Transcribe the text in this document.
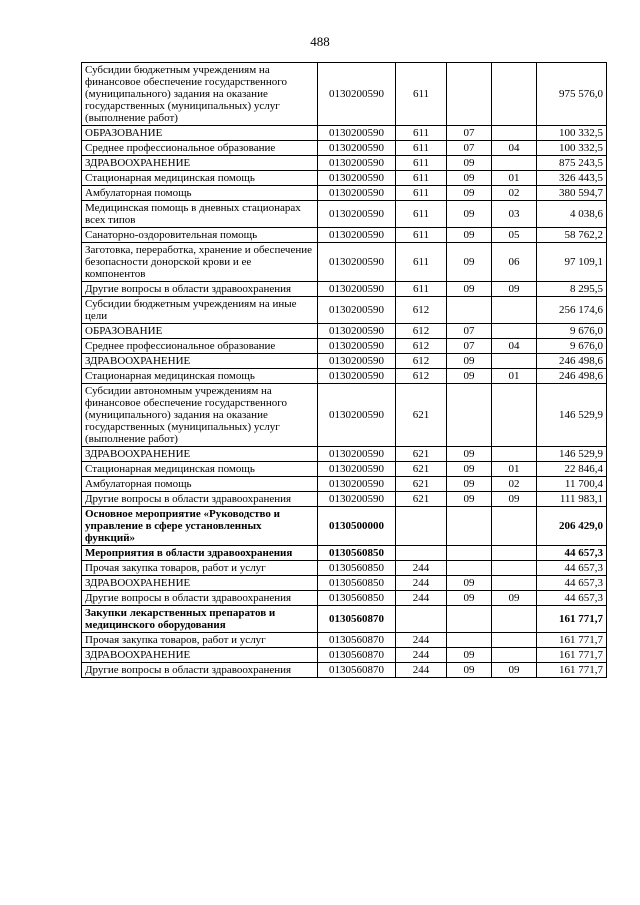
488
Субсидии бюджетным учреждениям на финансовое обеспечение государственного (муниципального) задания на оказание государственных (муниципальных) услуг (выполнение работ)	0130200590	611			975 576,0
ОБРАЗОВАНИЕ	0130200590	611	07		100 332,5
Среднее профессиональное образование	0130200590	611	07	04	100 332,5
ЗДРАВООХРАНЕНИЕ	0130200590	611	09		875 243,5
Стационарная медицинская помощь	0130200590	611	09	01	326 443,5
Амбулаторная помощь	0130200590	611	09	02	380 594,7
Медицинская помощь в дневных стационарах всех типов	0130200590	611	09	03	4 038,6
Санаторно-оздоровительная помощь	0130200590	611	09	05	58 762,2
Заготовка, переработка, хранение и обеспечение безопасности донорской крови и ее компонентов	0130200590	611	09	06	97 109,1
Другие вопросы в области здравоохранения	0130200590	611	09	09	8 295,5
Субсидии бюджетным учреждениям на иные цели	0130200590	612			256 174,6
ОБРАЗОВАНИЕ	0130200590	612	07		9 676,0
Среднее профессиональное образование	0130200590	612	07	04	9 676,0
ЗДРАВООХРАНЕНИЕ	0130200590	612	09		246 498,6
Стационарная медицинская помощь	0130200590	612	09	01	246 498,6
Субсидии автономным учреждениям на финансовое обеспечение государственного (муниципального) задания на оказание государственных (муниципальных) услуг (выполнение работ)	0130200590	621			146 529,9
ЗДРАВООХРАНЕНИЕ	0130200590	621	09		146 529,9
Стационарная медицинская помощь	0130200590	621	09	01	22 846,4
Амбулаторная помощь	0130200590	621	09	02	11 700,4
Другие вопросы в области здравоохранения	0130200590	621	09	09	111 983,1
Основное мероприятие «Руководство и управление в сфере установленных функций»	0130500000				206 429,0
Мероприятия в области здравоохранения	0130560850				44 657,3
Прочая закупка товаров, работ и услуг	0130560850	244			44 657,3
ЗДРАВООХРАНЕНИЕ	0130560850	244	09		44 657,3
Другие вопросы в области здравоохранения	0130560850	244	09	09	44 657,3
Закупки лекарственных препаратов и медицинского оборудования	0130560870				161 771,7
Прочая закупка товаров, работ и услуг	0130560870	244			161 771,7
ЗДРАВООХРАНЕНИЕ	0130560870	244	09		161 771,7
Другие вопросы в области здравоохранения	0130560870	244	09	09	161 771,7
